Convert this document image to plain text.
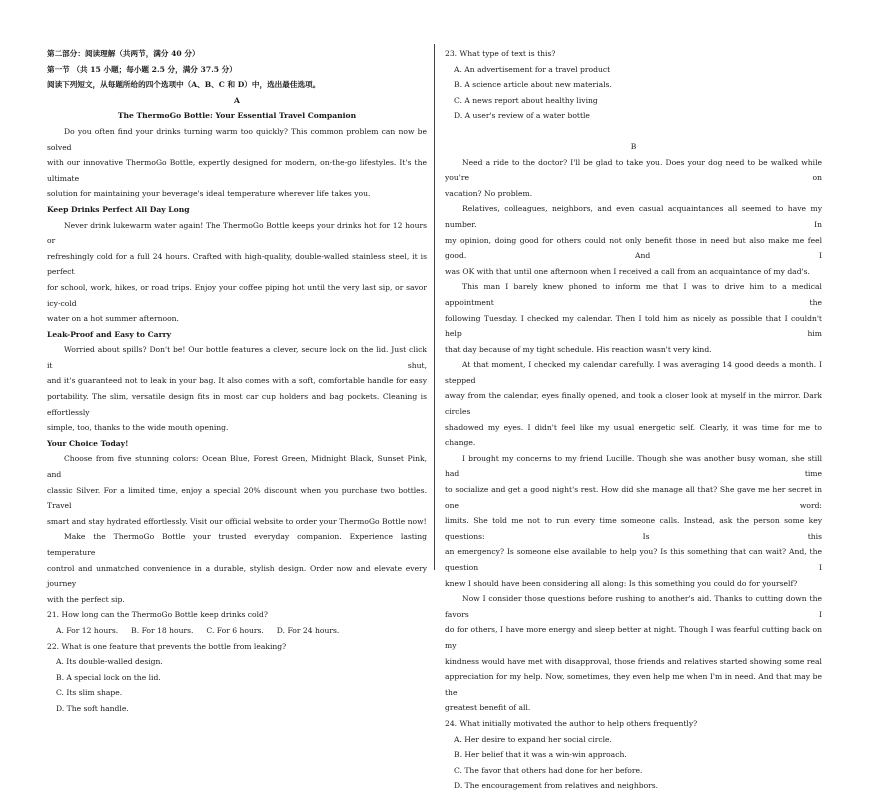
第二部分：阅读理解（共两节，满分 40 分）

第一节 （共 15 小题；每小题 2.5 分，满分 37.5 分）

阅读下列短文，从每题所给的四个选项中（A、B、C 和 D）中，选出最佳选项。

A

The ThermoGo Bottle: Your Essential Travel Companion

Do you often find your drinks turning warm too quickly? This common problem can now be solved

with our innovative ThermoGo Bottle, expertly designed for modern, on-the-go lifestyles. It's the ultimate

solution for maintaining your beverage's ideal temperature wherever life takes you.

Keep Drinks Perfect All Day Long

Never drink lukewarm water again! The ThermoGo Bottle keeps your drinks hot for 12 hours or

refreshingly cold for a full 24 hours. Crafted with high-quality, double-walled stainless steel, it is perfect

for school, work, hikes, or road trips. Enjoy your coffee piping hot until the very last sip, or savor icy-cold

water on a hot summer afternoon.

Leak-Proof and Easy to Carry

Worried about spills? Don't be! Our bottle features a clever, secure lock on the lid. Just click it shut,

and it's guaranteed not to leak in your bag. It also comes with a soft, comfortable handle for easy

portability. The slim, versatile design fits in most car cup holders and bag pockets. Cleaning is effortlessly

simple, too, thanks to the wide mouth opening.

Your Choice Today!

Choose from five stunning colors: Ocean Blue, Forest Green, Midnight Black, Sunset Pink, and

classic Silver. For a limited time, enjoy a special 20% discount when you purchase two bottles. Travel

smart and stay hydrated effortlessly. Visit our official website to order your ThermoGo Bottle now!

Make the ThermoGo Bottle your trusted everyday companion. Experience lasting temperature

control and unmatched convenience in a durable, stylish design. Order now and elevate every journey

with the perfect sip.

21. How long can the ThermoGo Bottle keep drinks cold?

A. For 12 hours. B. For 18 hours. C. For 6 hours. D. For 24 hours.

22. What is one feature that prevents the bottle from leaking?

A. Its double-walled design.

B. A special lock on the lid.

C. Its slim shape.

D. The soft handle.

23. What type of text is this?

A. An advertisement for a travel product

B. A science article about new materials.

C. A news report about healthy living

D. A user's review of a water bottle

B

Need a ride to the doctor? I'll be glad to take you. Does your dog need to be walked while you're on

vacation? No problem.

Relatives, colleagues, neighbors, and even casual acquaintances all seemed to have my number. In

my opinion, doing good for others could not only benefit those in need but also make me feel good. And I

was OK with that until one afternoon when I received a call from an acquaintance of my dad's.

This man I barely knew phoned to inform me that I was to drive him to a medical appointment the

following Tuesday. I checked my calendar. Then I told him as nicely as possible that I couldn't help him

that day because of my tight schedule. His reaction wasn't very kind.

At that moment, I checked my calendar carefully. I was averaging 14 good deeds a month. I stepped

away from the calendar, eyes finally opened, and took a closer look at myself in the mirror. Dark circles

shadowed my eyes. I didn't feel like my usual energetic self. Clearly, it was time for me to change.

I brought my concerns to my friend Lucille. Though she was another busy woman, she still had time

to socialize and get a good night's rest. How did she manage all that? She gave me her secret in one word:

limits. She told me not to run every time someone calls. Instead, ask the person some key questions: Is this

an emergency? Is someone else available to help you? Is this something that can wait? And, the question I

knew I should have been considering all along: Is this something you could do for yourself?

Now I consider those questions before rushing to another's aid. Thanks to cutting down the favors I

do for others, I have more energy and sleep better at night. Though I was fearful cutting back on my

kindness would have met with disapproval, those friends and relatives started showing some real

appreciation for my help. Now, sometimes, they even help me when I'm in need. And that may be the

greatest benefit of all.

24. What initially motivated the author to help others frequently?

A. Her desire to expand her social circle.

B. Her belief that it was a win-win approach.

C. The favor that others had done for her before.

D. The encouragement from relatives and neighbors.
